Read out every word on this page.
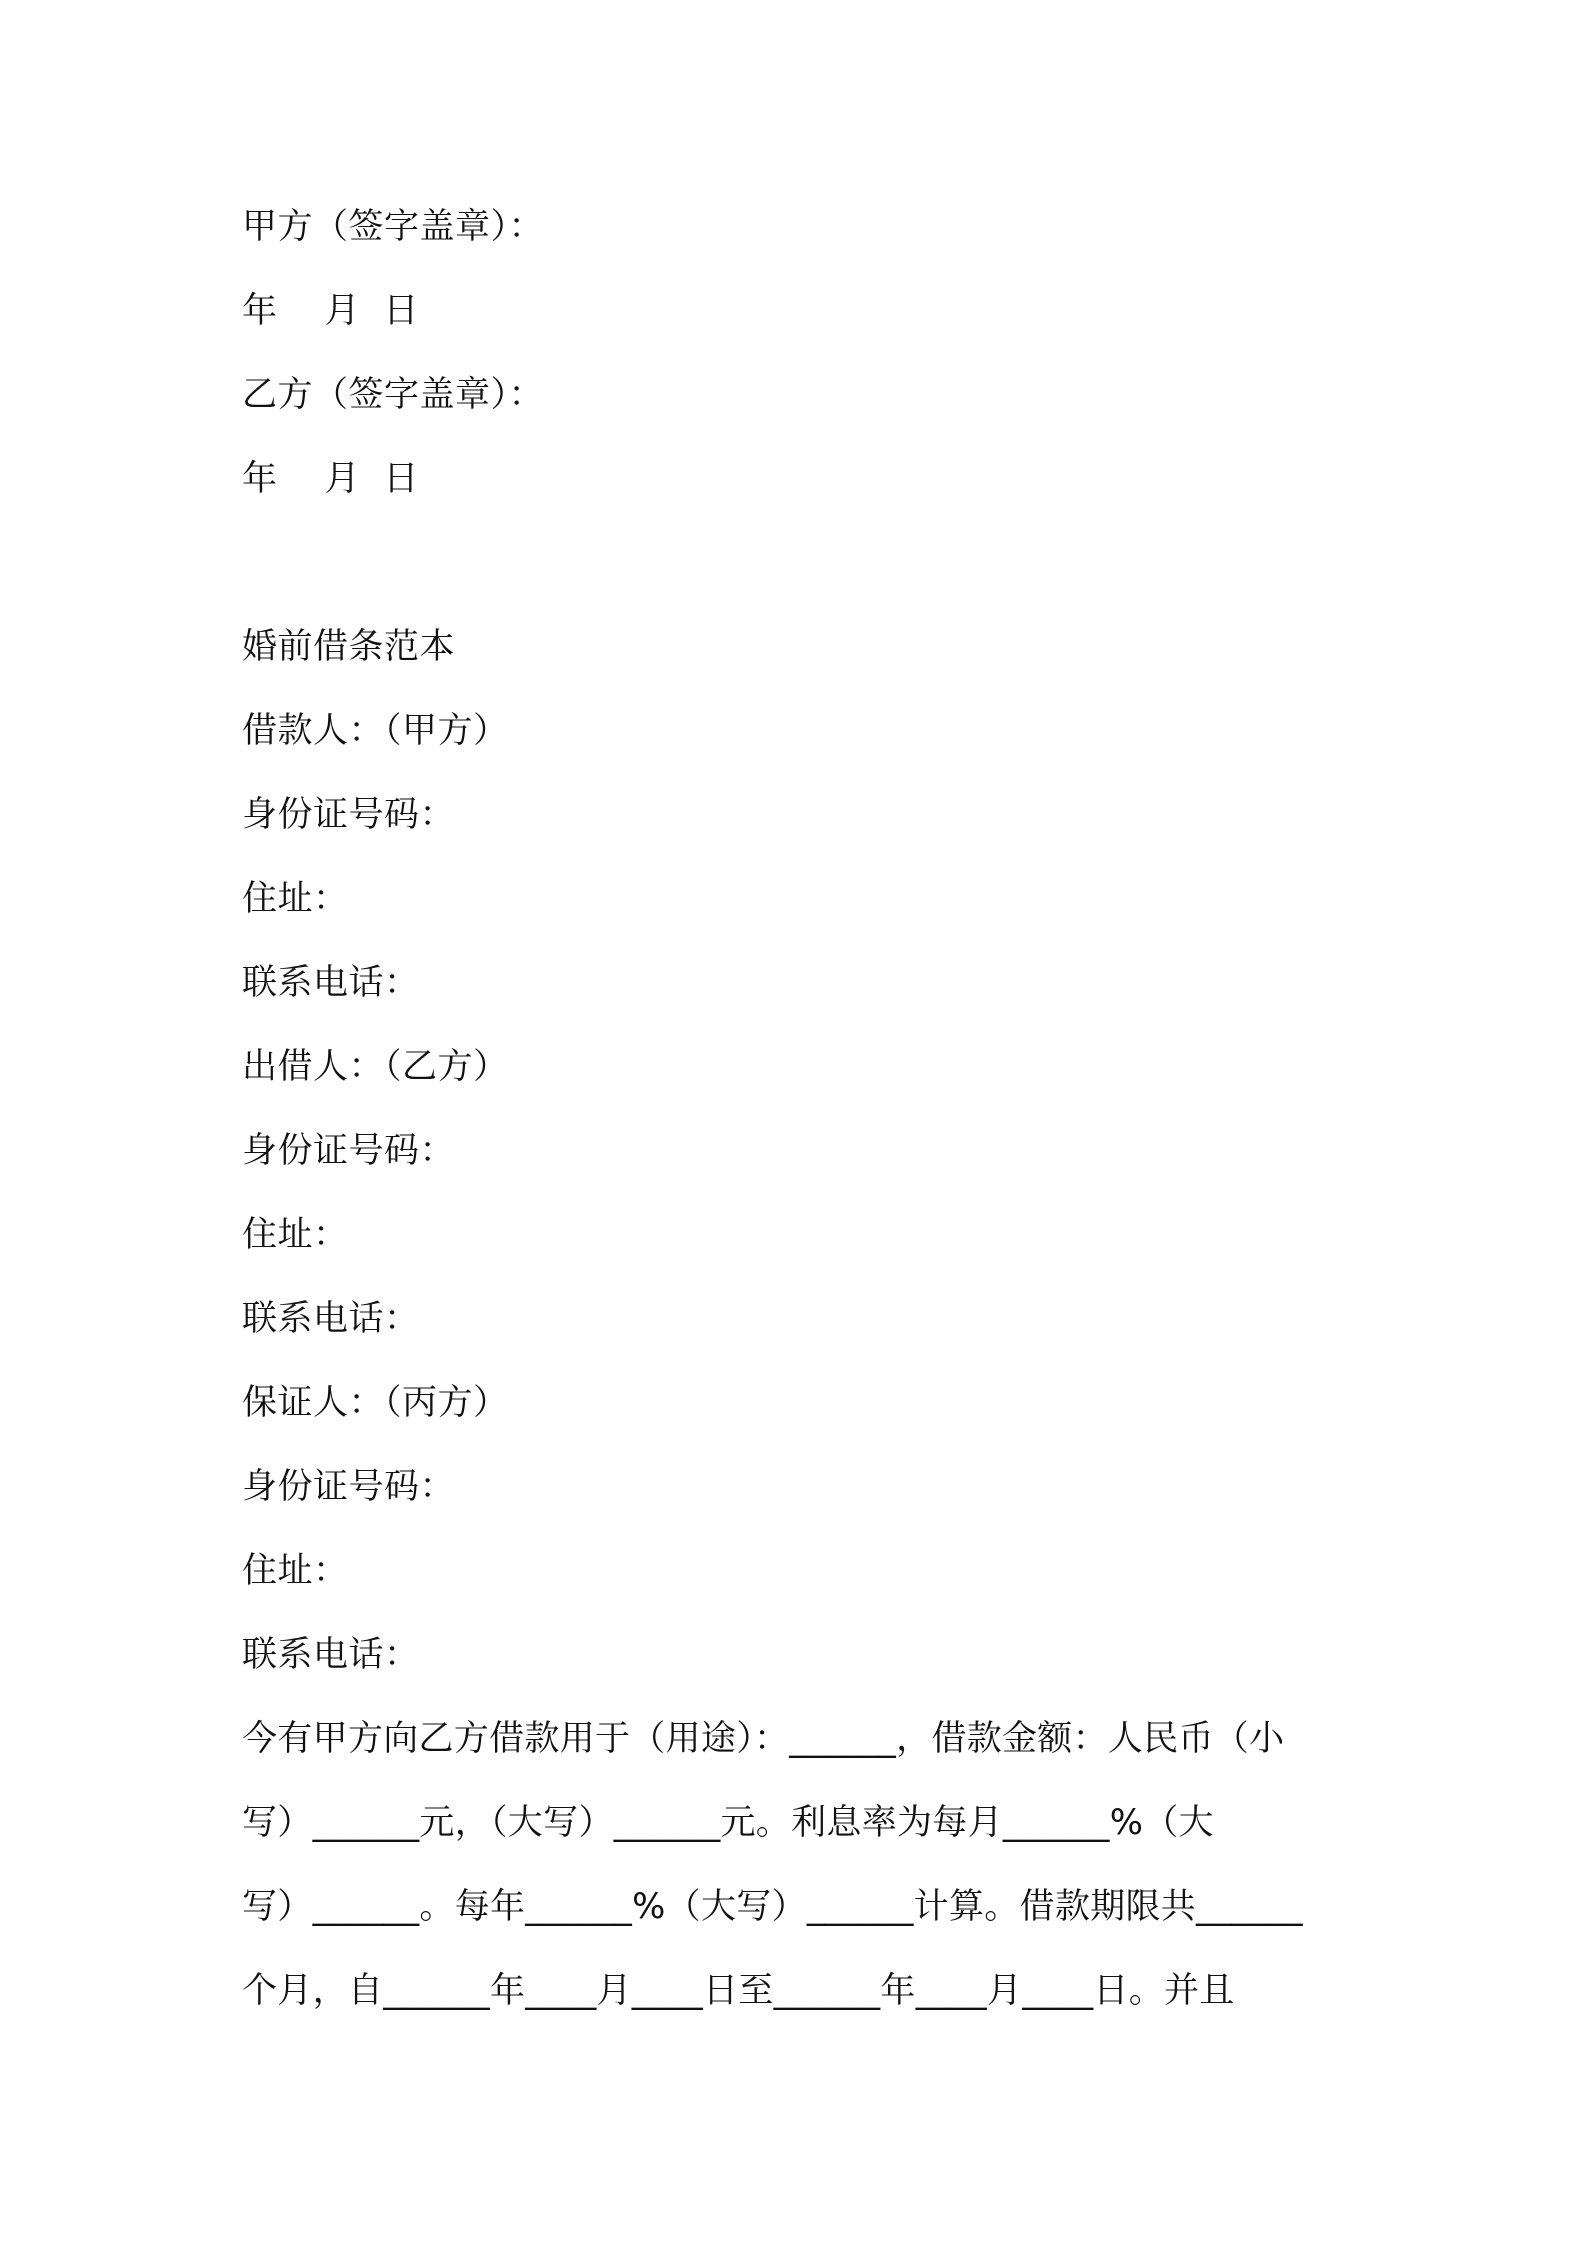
甲方（签字盖章）：
年　 月  日
乙方（签字盖章）：
年　 月  日
婚前借条范本
借款人：（甲方）
身份证号码：
住址：
联系电话：
出借人：（乙方）
身份证号码：
住址：
联系电话：
保证人：（丙方）
身份证号码：
住址：
联系电话：
今有甲方向乙方借款用于（用途）：______，借款金额：人民币（小
写）______元，（大写）______元。利息率为每月______%（大
写）______。每年______%（大写）______计算。借款期限共______
个月，自______年____月____日至______年____月____日。并且
